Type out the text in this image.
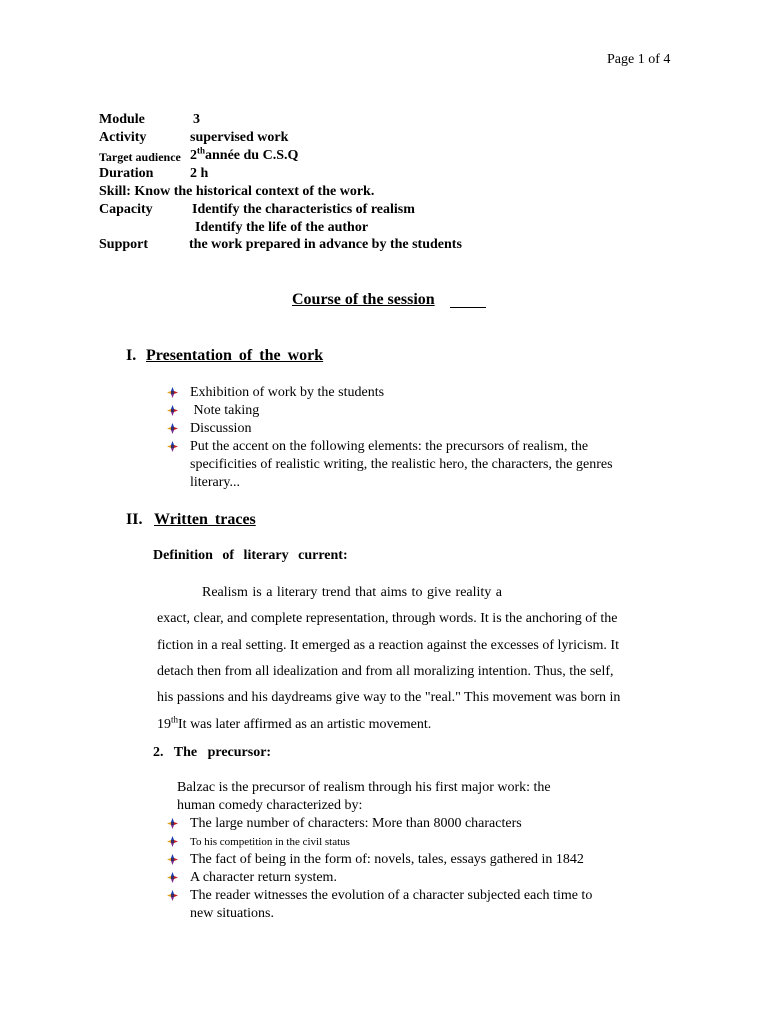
Page 1 of 4
Module	3
Activity	supervised work
Target audience 2thannée du C.S.Q
Duration	2 h
Skill: Know the historical context of the work.
Capacity	Identify the characteristics of realism
Identify the life of the author
Support	the work prepared in advance by the students
Course of the session
I. Presentation of the work
Exhibition of work by the students
Note taking
Discussion
Put the accent on the following elements: the precursors of realism, the
specificities of realistic writing, the realistic hero, the characters, the genres
literary...
II. Written traces
Definition of literary current:
Realism is a literary trend that aims to give reality a
exact, clear, and complete representation, through words. It is the anchoring of the
fiction in a real setting. It emerged as a reaction against the excesses of lyricism. It
detach then from all idealization and from all moralizing intention. Thus, the self,
his passions and his daydreams give way to the "real." This movement was born in
19thIt was later affirmed as an artistic movement.
2.   The   precursor:
Balzac is the precursor of realism through his first major work: the
human comedy characterized by:
The large number of characters: More than 8000 characters
To his competition in the civil status
The fact of being in the form of: novels, tales, essays gathered in 1842
A character return system.
The reader witnesses the evolution of a character subjected each time to
new situations.
